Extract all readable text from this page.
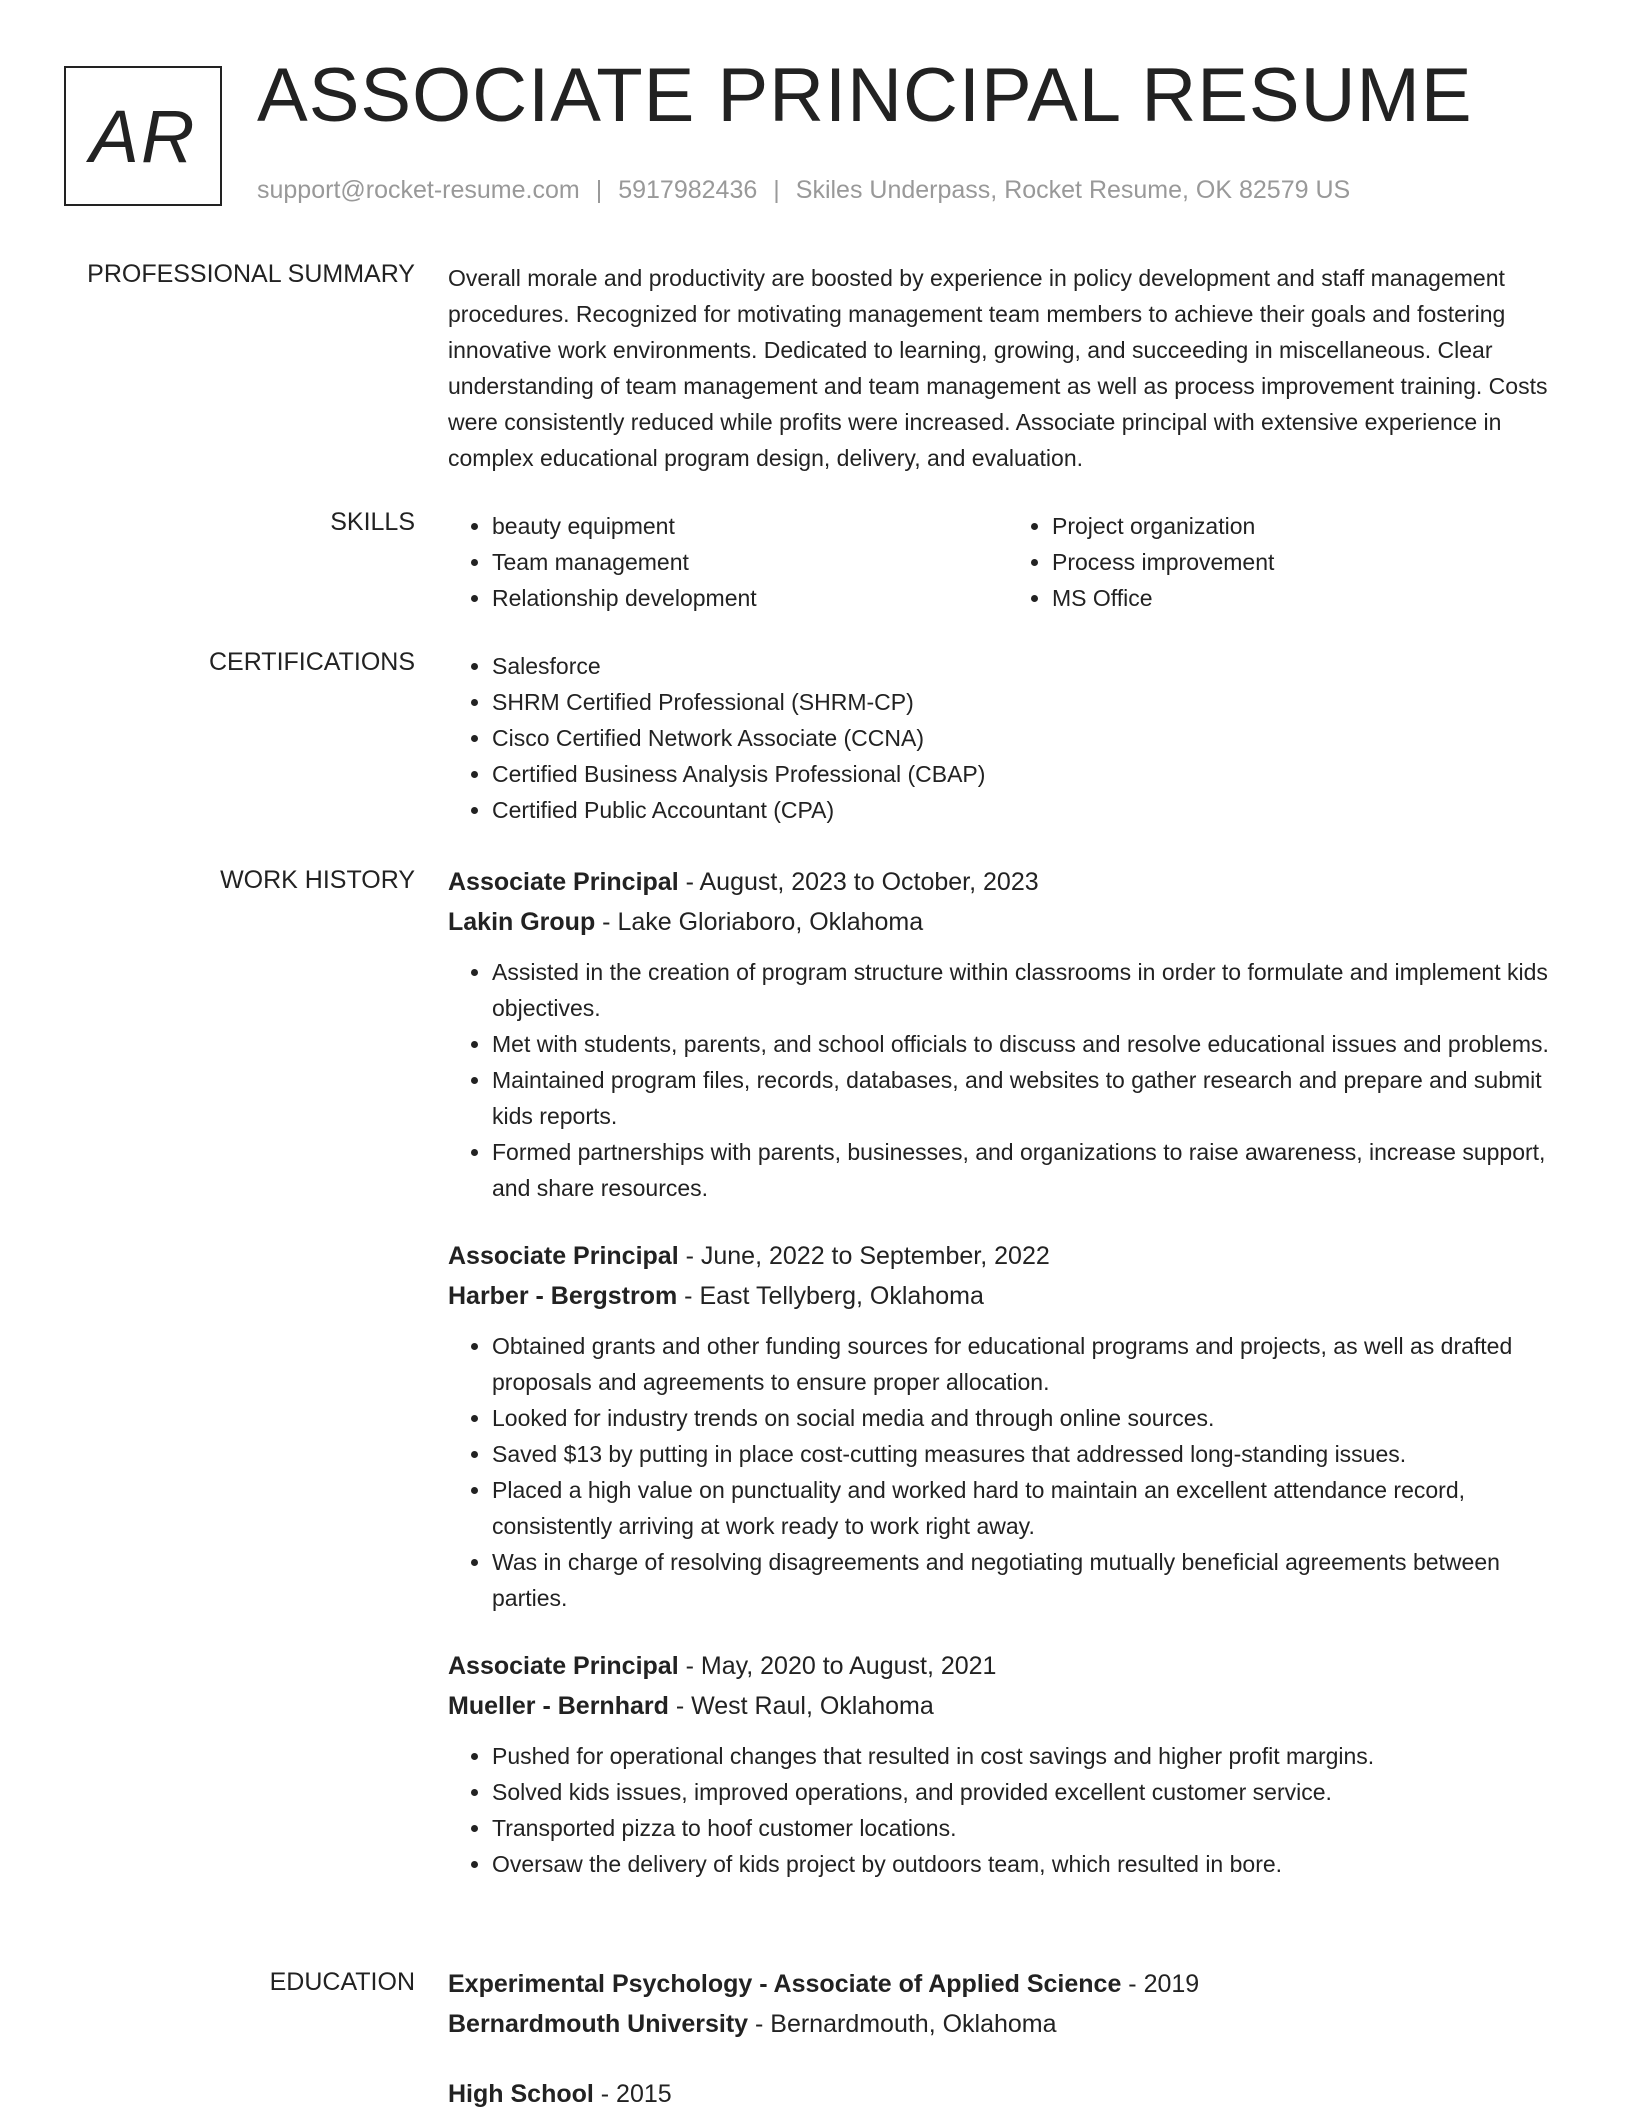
AR ASSOCIATE PRINCIPAL RESUME
support@rocket-resume.com | 5917982436 | Skiles Underpass, Rocket Resume, OK 82579 US
PROFESSIONAL SUMMARY Overall morale and productivity are boosted by experience in policy development and staff management procedures. Recognized for motivating management team members to achieve their goals and fostering innovative work environments. Dedicated to learning, growing, and succeeding in miscellaneous. Clear understanding of team management and team management as well as process improvement training. Costs were consistently reduced while profits were increased. Associate principal with extensive experience in complex educational program design, delivery, and evaluation.
SKILLS	• beauty equipment
• Team management
• Relationship development
• Project organization
• Process improvement
• MS Office
CERTIFICATIONS	• Salesforce
• SHRM Certified Professional (SHRM-CP)
• Cisco Certified Network Associate (CCNA)
• Certified Business Analysis Professional (CBAP)
• Certified Public Accountant (CPA)
WORK HISTORY Associate Principal - August, 2023 to October, 2023
Lakin Group - Lake Gloriaboro, Oklahoma
• Assisted in the creation of program structure within classrooms in order to formulate and implement kids objectives.
• Met with students, parents, and school officials to discuss and resolve educational issues and problems.
• Maintained program files, records, databases, and websites to gather research and prepare and submit kids reports.
• Formed partnerships with parents, businesses, and organizations to raise awareness, increase support, and share resources.
Associate Principal - June, 2022 to September, 2022
Harber - Bergstrom - East Tellyberg, Oklahoma
• Obtained grants and other funding sources for educational programs and projects, as well as drafted proposals and agreements to ensure proper allocation.
• Looked for industry trends on social media and through online sources.
• Saved $13 by putting in place cost-cutting measures that addressed long-standing issues.
• Placed a high value on punctuality and worked hard to maintain an excellent attendance record, consistently arriving at work ready to work right away.
• Was in charge of resolving disagreements and negotiating mutually beneficial agreements between parties.
Associate Principal - May, 2020 to August, 2021
Mueller - Bernhard - West Raul, Oklahoma
• Pushed for operational changes that resulted in cost savings and higher profit margins.
• Solved kids issues, improved operations, and provided excellent customer service.
• Transported pizza to hoof customer locations.
• Oversaw the delivery of kids project by outdoors team, which resulted in bore.
EDUCATION Experimental Psychology - Associate of Applied Science - 2019
Bernardmouth University - Bernardmouth, Oklahoma
High School - 2015
